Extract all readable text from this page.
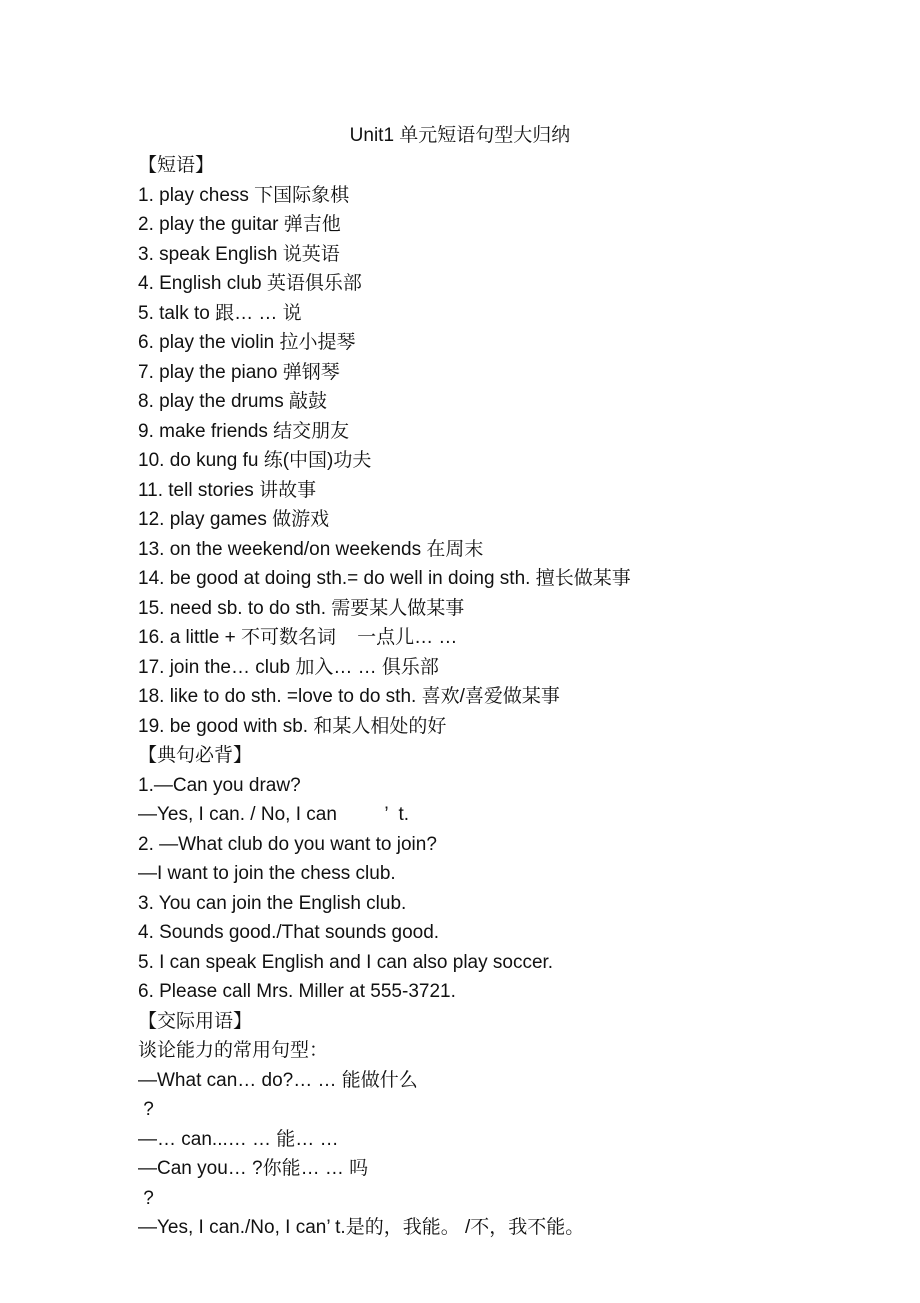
Unit1 单元短语句型大归纳
【短语】
1. play chess 下国际象棋
2. play the guitar 弹吉他
3. speak English 说英语
4. English club 英语俱乐部
5. talk to 跟… … 说
6. play the violin 拉小提琴
7. play the piano 弹钢琴
8. play the drums 敲鼓
9. make friends 结交朋友
10. do kung fu 练(中国)功夫
11. tell stories 讲故事
12. play games 做游戏
13. on the weekend/on weekends 在周末
14. be good at doing sth.= do well in doing sth. 擅长做某事
15. need sb. to do sth. 需要某人做某事
16. a little + 不可数名词    一点儿… …
17. join the… club 加入… … 俱乐部
18. like to do sth. =love to do sth. 喜欢/喜爱做某事
19. be good with sb. 和某人相处的好
【典句必背】
1.—Can you draw?
—Yes, I can. / No, I can         ’  t.
2. —What club do you want to join?
—I want to join the chess club.
3. You can join the English club.
4. Sounds good./That sounds good.
5. I can speak English and I can also play soccer.
6. Please call Mrs. Miller at 555-3721.
【交际用语】
谈论能力的常用句型：
—What can… do?… … 能做什么
?
—… can...… … 能… …
—Can you… ?你能… … 吗
?
—Yes, I can./No, I can’ t.是的，我能。 /不，我不能。
